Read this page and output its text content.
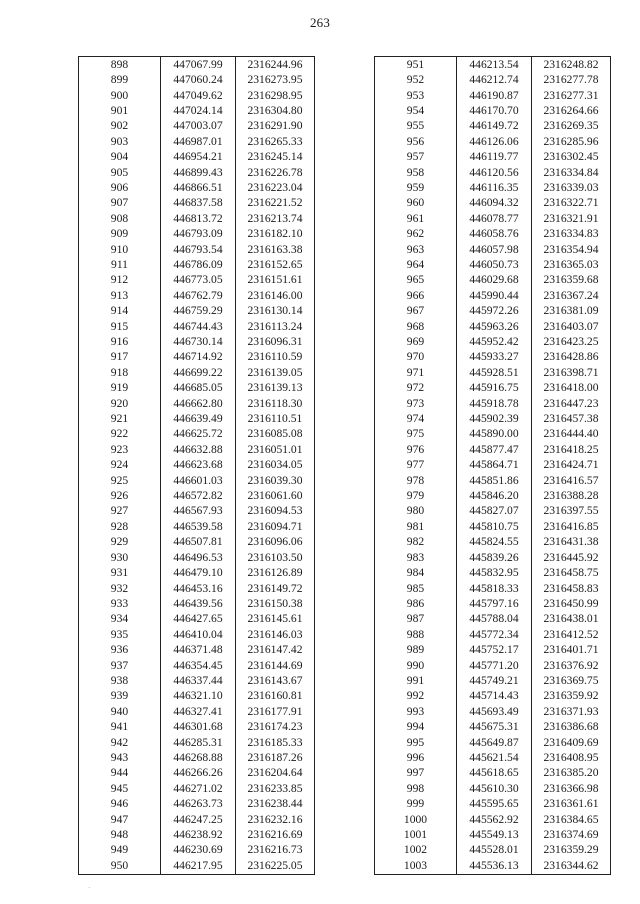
263
898	447067.99	2316244.96
899	447060.24	2316273.95
900	447049.62	2316298.95
901	447024.14	2316304.80
902	447003.07	2316291.90
903	446987.01	2316265.33
904	446954.21	2316245.14
905	446899.43	2316226.78
906	446866.51	2316223.04
907	446837.58	2316221.52
908	446813.72	2316213.74
909	446793.09	2316182.10
910	446793.54	2316163.38
911	446786.09	2316152.65
912	446773.05	2316151.61
913	446762.79	2316146.00
914	446759.29	2316130.14
915	446744.43	2316113.24
916	446730.14	2316096.31
917	446714.92	2316110.59
918	446699.22	2316139.05
919	446685.05	2316139.13
920	446662.80	2316118.30
921	446639.49	2316110.51
922	446625.72	2316085.08
923	446632.88	2316051.01
924	446623.68	2316034.05
925	446601.03	2316039.30
926	446572.82	2316061.60
927	446567.93	2316094.53
928	446539.58	2316094.71
929	446507.81	2316096.06
930	446496.53	2316103.50
931	446479.10	2316126.89
932	446453.16	2316149.72
933	446439.56	2316150.38
934	446427.65	2316145.61
935	446410.04	2316146.03
936	446371.48	2316147.42
937	446354.45	2316144.69
938	446337.44	2316143.67
939	446321.10	2316160.81
940	446327.41	2316177.91
941	446301.68	2316174.23
942	446285.31	2316185.33
943	446268.88	2316187.26
944	446266.26	2316204.64
945	446271.02	2316233.85
946	446263.73	2316238.44
947	446247.25	2316232.16
948	446238.92	2316216.69
949	446230.69	2316216.73
950	446217.95	2316225.05
951	446213.54	2316248.82
952	446212.74	2316277.78
953	446190.87	2316277.31
954	446170.70	2316264.66
955	446149.72	2316269.35
956	446126.06	2316285.96
957	446119.77	2316302.45
958	446120.56	2316334.84
959	446116.35	2316339.03
960	446094.32	2316322.71
961	446078.77	2316321.91
962	446058.76	2316334.83
963	446057.98	2316354.94
964	446050.73	2316365.03
965	446029.68	2316359.68
966	445990.44	2316367.24
967	445972.26	2316381.09
968	445963.26	2316403.07
969	445952.42	2316423.25
970	445933.27	2316428.86
971	445928.51	2316398.71
972	445916.75	2316418.00
973	445918.78	2316447.23
974	445902.39	2316457.38
975	445890.00	2316444.40
976	445877.47	2316418.25
977	445864.71	2316424.71
978	445851.86	2316416.57
979	445846.20	2316388.28
980	445827.07	2316397.55
981	445810.75	2316416.85
982	445824.55	2316431.38
983	445839.26	2316445.92
984	445832.95	2316458.75
985	445818.33	2316458.83
986	445797.16	2316450.99
987	445788.04	2316438.01
988	445772.34	2316412.52
989	445752.17	2316401.71
990	445771.20	2316376.92
991	445749.21	2316369.75
992	445714.43	2316359.92
993	445693.49	2316371.93
994	445675.31	2316386.68
995	445649.87	2316409.69
996	445621.54	2316408.95
997	445618.65	2316385.20
998	445610.30	2316366.98
999	445595.65	2316361.61
1000	445562.92	2316384.65
1001	445549.13	2316374.69
1002	445528.01	2316359.29
1003	445536.13	2316344.62
·
